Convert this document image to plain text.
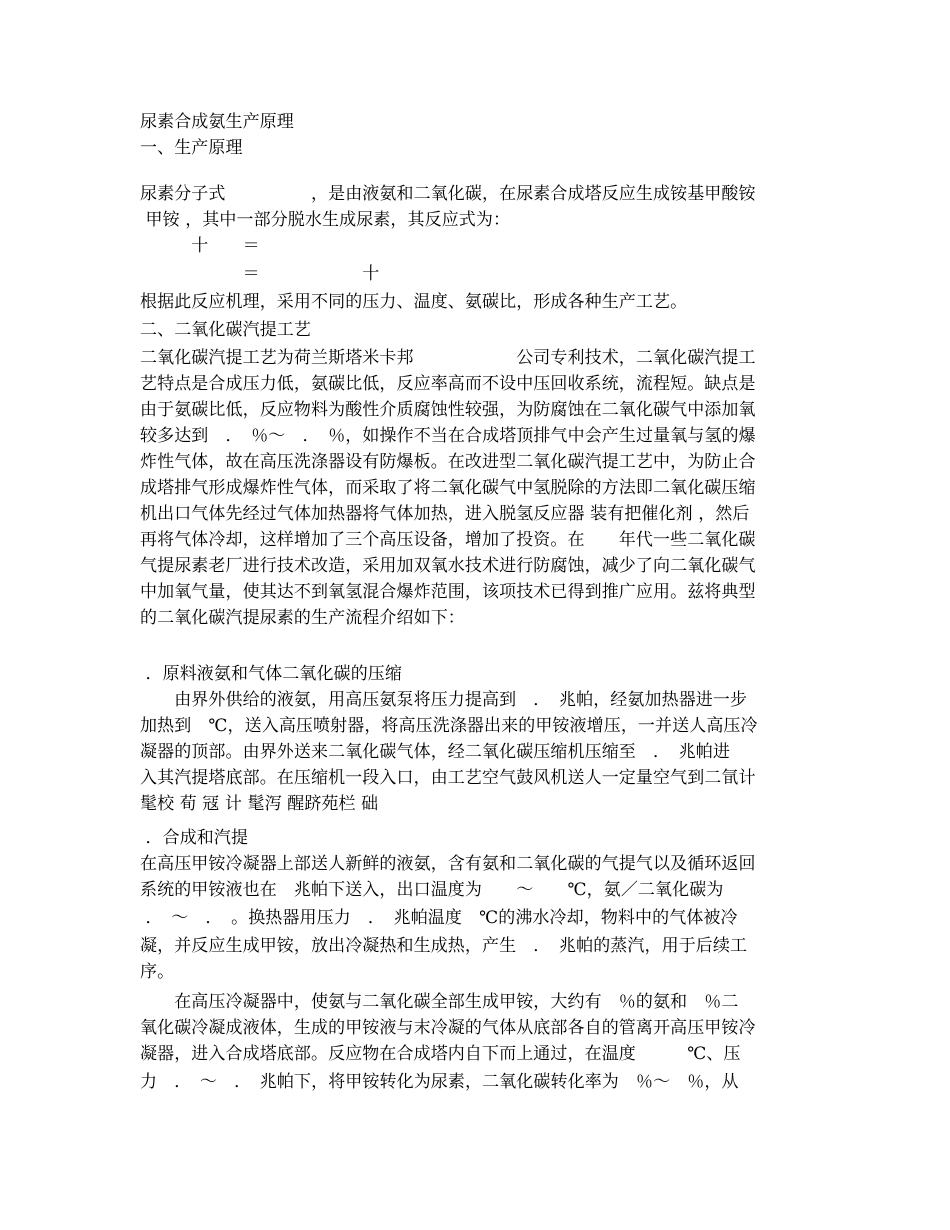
尿素合成氨生产原理
一、生产原理
尿素分子式　　　　　，是由液氨和二氧化碳，在尿素合成塔反应生成铵基甲酸铵
甲铵 ，其中一部分脱水生成尿素，其反应式为：
　　　十　　＝
　　　　　　＝　　　　　　十
根据此反应机理，采用不同的压力、温度、氨碳比，形成各种生产工艺。
二、二氧化碳汽提工艺
二氧化碳汽提工艺为荷兰斯塔米卡邦　　　　　　公司专利技术，二氧化碳汽提工
艺特点是合成压力低，氨碳比低，反应率高而不设中压回收系统，流程短。缺点是
由于氨碳比低，反应物料为酸性介质腐蚀性较强，为防腐蚀在二氧化碳气中添加氧
较多达到　．　％～　．　％，如操作不当在合成塔顶排气中会产生过量氧与氢的爆
炸性气体，故在高压洗涤器设有防爆板。在改进型二氧化碳汽提工艺中，为防止合
成塔排气形成爆炸性气体，而采取了将二氧化碳气中氢脱除的方法即二氧化碳压缩
机出口气体先经过气体加热器将气体加热，进入脱氢反应器 装有把催化剂 ，然后
再将气体冷却，这样增加了三个高压设备，增加了投资。在　　年代一些二氧化碳
气提尿素老厂进行技术改造，采用加双氧水技术进行防腐蚀，减少了向二氧化碳气
中加氧气量，使其达不到氧氢混合爆炸范围，该项技术已得到推广应用。兹将典型
的二氧化碳汽提尿素的生产流程介绍如下：
．原料液氨和气体二氧化碳的压缩
　　由界外供给的液氨，用高压氨泵将压力提高到　．　兆帕，经氨加热器进一步
加热到　℃，送入高压喷射器，将高压洗涤器出来的甲铵液增压，一并送人高压冷
凝器的顶部。由界外送来二氧化碳气体，经二氧化碳压缩机压缩至　．　兆帕进
入其汽提塔底部。在压缩机一段入口，由工艺空气鼓风机送人一定量空气到二氜计
髦校 荀 冦 计 髦泻 醒跻苑栏 础
．合成和汽提
在高压甲铵冷凝器上部送人新鲜的液氨，含有氨和二氧化碳的气提气以及循环返回
系统的甲铵液也在　兆帕下送入，出口温度为　　～　　℃，氨／二氧化碳为
．　～　．　。换热器用压力　．　兆帕温度　℃的沸水冷却，物料中的气体被冷
凝，并反应生成甲铵，放出冷凝热和生成热，产生　．　兆帕的蒸汽，用于后续工
序。
　　在高压冷凝器中，使氨与二氧化碳全部生成甲铵，大约有　％的氨和　％二
氧化碳冷凝成液体，生成的甲铵液与末冷凝的气体从底部各自的管离开高压甲铵冷
凝器，进入合成塔底部。反应物在合成塔内自下而上通过，在温度　　　℃、压
力　．　～　．　兆帕下，将甲铵转化为尿素，二氧化碳转化率为　％～　％，从
